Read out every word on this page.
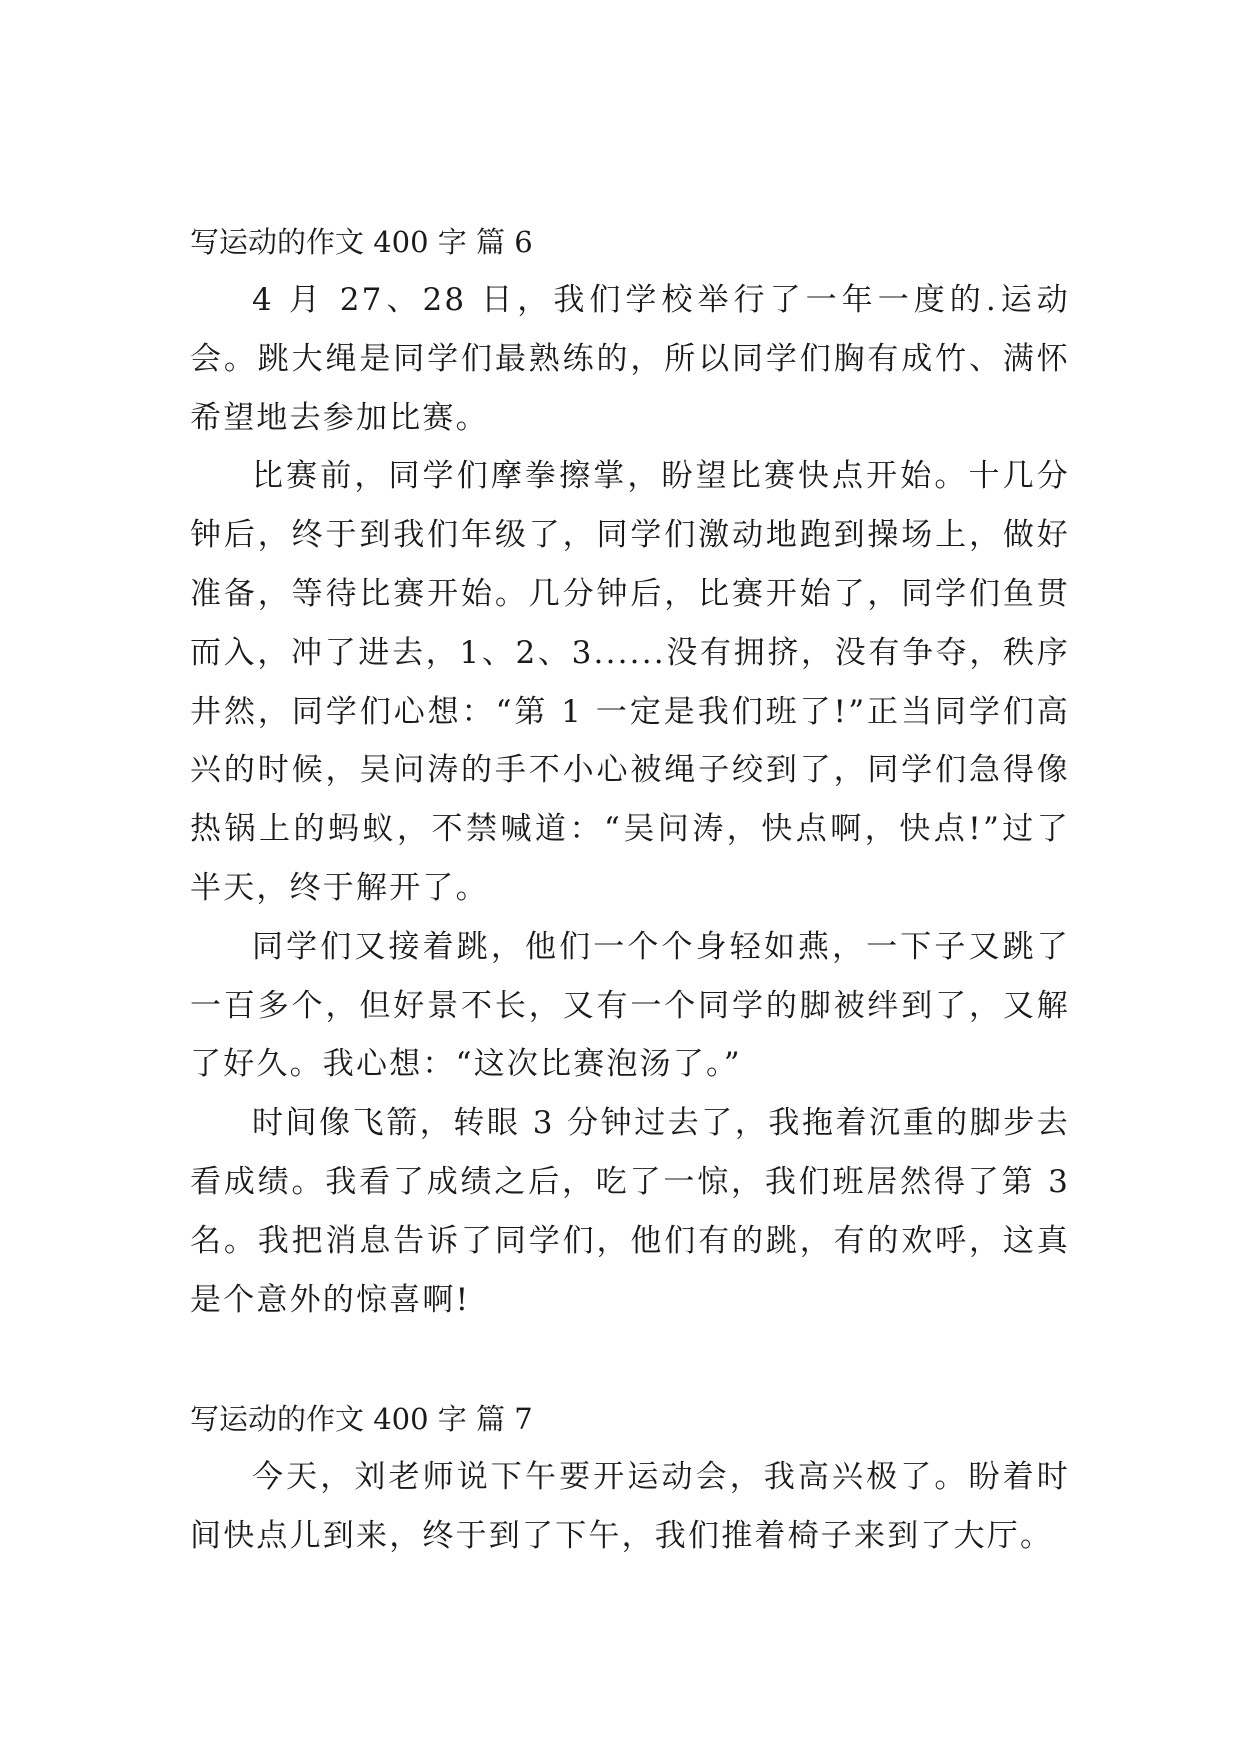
写运动的作文 400 字 篇 6

4 月 27、28 日，我们学校举行了一年一度的.运动会。跳大绳是同学们最熟练的，所以同学们胸有成竹、满怀希望地去参加比赛。

比赛前，同学们摩拳擦掌，盼望比赛快点开始。十几分钟后，终于到我们年级了，同学们激动地跑到操场上，做好准备，等待比赛开始。几分钟后，比赛开始了，同学们鱼贯而入，冲了进去，1、2、3......没有拥挤，没有争夺，秩序井然，同学们心想：“第 1 一定是我们班了!”正当同学们高兴的时候，吴问涛的手不小心被绳子绞到了，同学们急得像热锅上的蚂蚁，不禁喊道：“吴问涛，快点啊，快点!”过了半天，终于解开了。

同学们又接着跳，他们一个个身轻如燕，一下子又跳了一百多个，但好景不长，又有一个同学的脚被绊到了，又解了好久。我心想：“这次比赛泡汤了。”

时间像飞箭，转眼 3 分钟过去了，我拖着沉重的脚步去看成绩。我看了成绩之后，吃了一惊，我们班居然得了第 3 名。我把消息告诉了同学们，他们有的跳，有的欢呼，这真是个意外的惊喜啊!

写运动的作文 400 字 篇 7

今天，刘老师说下午要开运动会，我高兴极了。盼着时间快点儿到来，终于到了下午，我们推着椅子来到了大厅。
